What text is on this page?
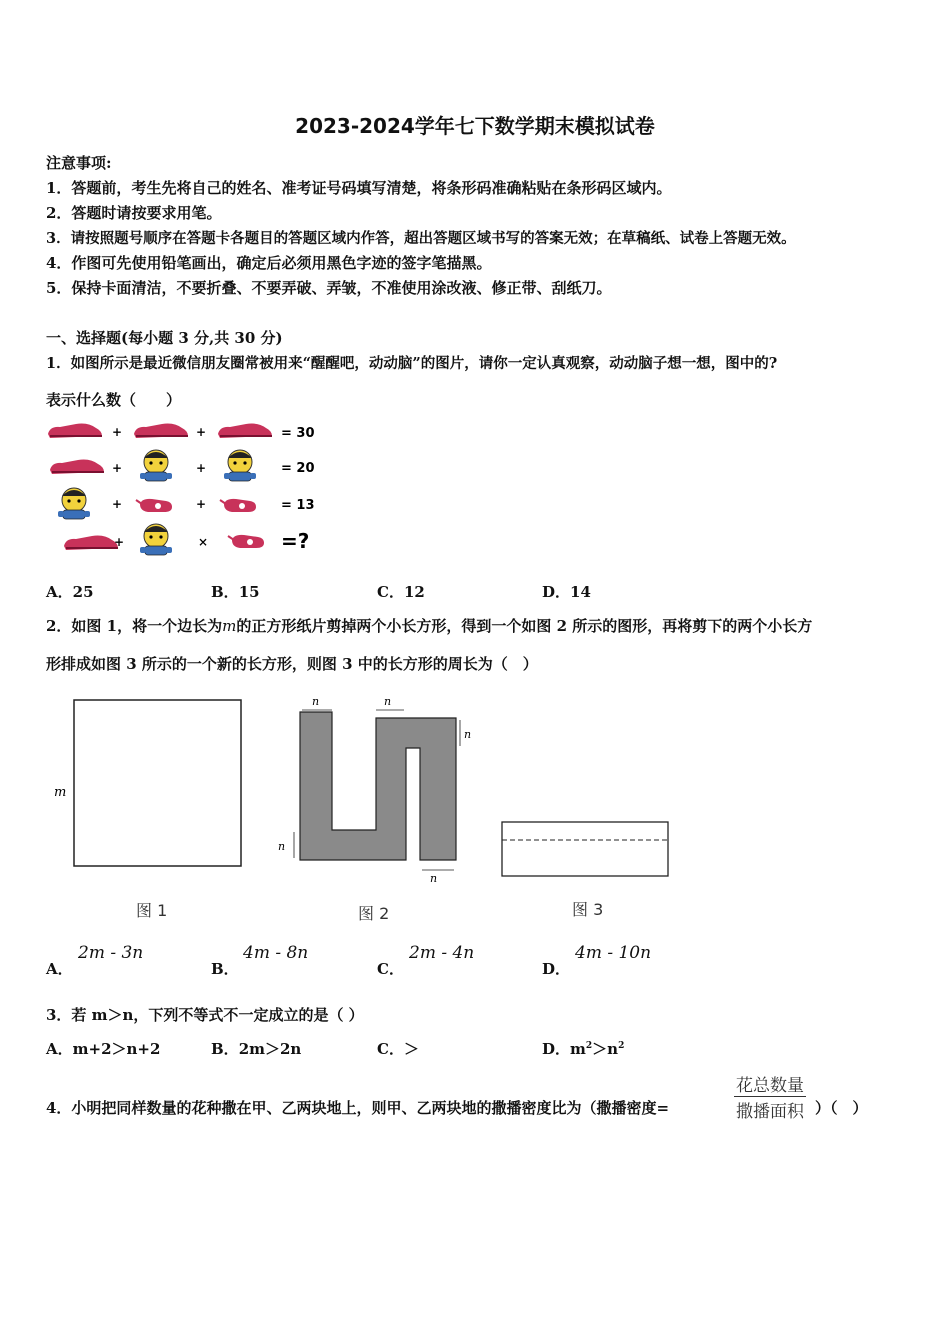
2023-2024学年七下数学期末模拟试卷
注意事项:
1．答题前，考生先将自己的姓名、准考证号码填写清楚，将条形码准确粘贴在条形码区域内。
2．答题时请按要求用笔。
3．请按照题号顺序在答题卡各题目的答题区域内作答，超出答题区域书写的答案无效；在草稿纸、试卷上答题无效。
4．作图可先使用铅笔画出，确定后必须用黑色字迹的签字笔描黑。
5．保持卡面清洁，不要折叠、不要弄破、弄皱，不准使用涂改液、修正带、刮纸刀。
一、选择题(每小题 3 分,共 30 分)
1．如图所示是最近微信朋友圈常被用来“醒醒吧，动动脑”的图片，请你一定认真观察，动动脑子想一想，图中的?
表示什么数（　　）
+	+	= 30
+	+	= 20
+	+	= 13
+	×	=?
A．25	B．15	C．12	D．14
2．如图 1，将一个边长为m的正方形纸片剪掉两个小长方形，得到一个如图 2 所示的图形，再将剪下的两个小长方
形排成如图 3 所示的一个新的长方形，则图 3 中的长方形的周长为（　）
m
n	n
n
n
n
图 1	图 2	图 3
A．
2m - 3n
B．
4m - 8n
C．
2m - 4n
D．
4m - 10n
3．若 m＞n，下列不等式不一定成立的是（ ）
A．m+2＞n+2	B．2m＞2n	C．＞	D．$m^2>n^2$
4．小明把同样数量的花种撒在甲、乙两块地上，则甲、乙两块地的撒播密度比为（撒播密度=
花总数量
撒播面积 ）（　）
